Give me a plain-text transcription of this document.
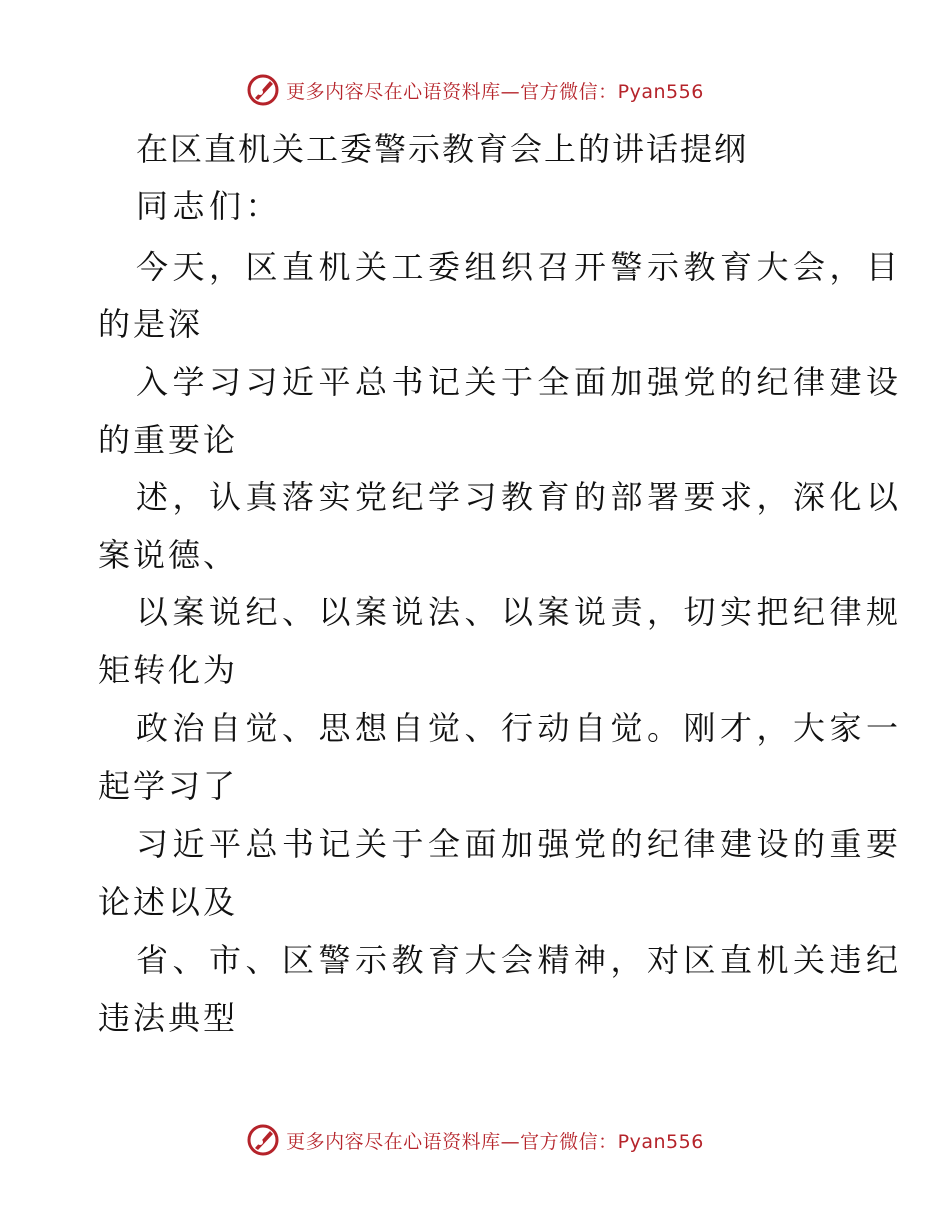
更多内容尽在心语资料库—官方微信：Pyan556
在区直机关工委警示教育会上的讲话提纲

同志们：

今天，区直机关工委组织召开警示教育大会，目

的是深

入学习习近平总书记关于全面加强党的纪律建设

的重要论

述，认真落实党纪学习教育的部署要求，深化以

案说德、

以案说纪、以案说法、以案说责，切实把纪律规

矩转化为

政治自觉、思想自觉、行动自觉。刚才，大家一

起学习了

习近平总书记关于全面加强党的纪律建设的重要

论述以及

省、市、区警示教育大会精神，对区直机关违纪

违法典型

更多内容尽在心语资料库—官方微信：Pyan556
